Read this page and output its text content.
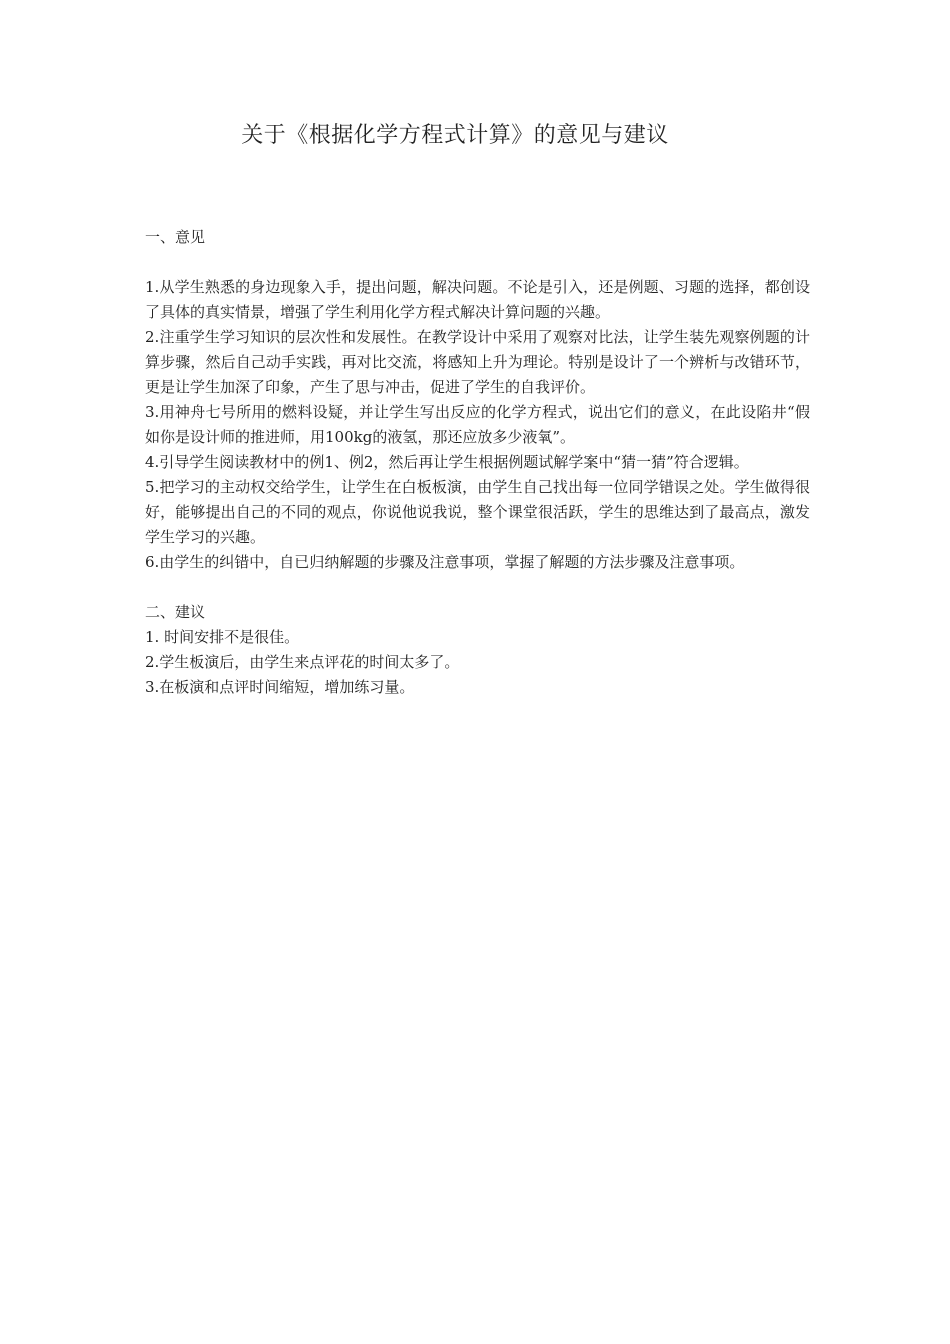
关于《根据化学方程式计算》的意见与建议

一、意见

1.从学生熟悉的身边现象入手，提出问题，解决问题。不论是引入，还是例题、习题的选择，都创设了具体的真实情景，增强了学生利用化学方程式解决计算问题的兴趣。

2.注重学生学习知识的层次性和发展性。在教学设计中采用了观察对比法，让学生装先观察例题的计算步骤，然后自己动手实践，再对比交流，将感知上升为理论。特别是设计了一个辨析与改错环节，更是让学生加深了印象，产生了思与冲击，促进了学生的自我评价。

3.用神舟七号所用的燃料设疑，并让学生写出反应的化学方程式，说出它们的意义，在此设陷井“假如你是设计师的推进师，用100kg的液氢，那还应放多少液氧”。

4.引导学生阅读教材中的例1、例2，然后再让学生根据例题试解学案中“猜一猜”符合逻辑。

5.把学习的主动权交给学生，让学生在白板板演，由学生自己找出每一位同学错误之处。学生做得很好，能够提出自己的不同的观点，你说他说我说，整个课堂很活跃，学生的思维达到了最高点，激发学生学习的兴趣。

6.由学生的纠错中，自已归纳解题的步骤及注意事项，掌握了解题的方法步骤及注意事项。

二、建议

1. 时间安排不是很佳。

2.学生板演后，由学生来点评花的时间太多了。

3.在板演和点评时间缩短，增加练习量。
